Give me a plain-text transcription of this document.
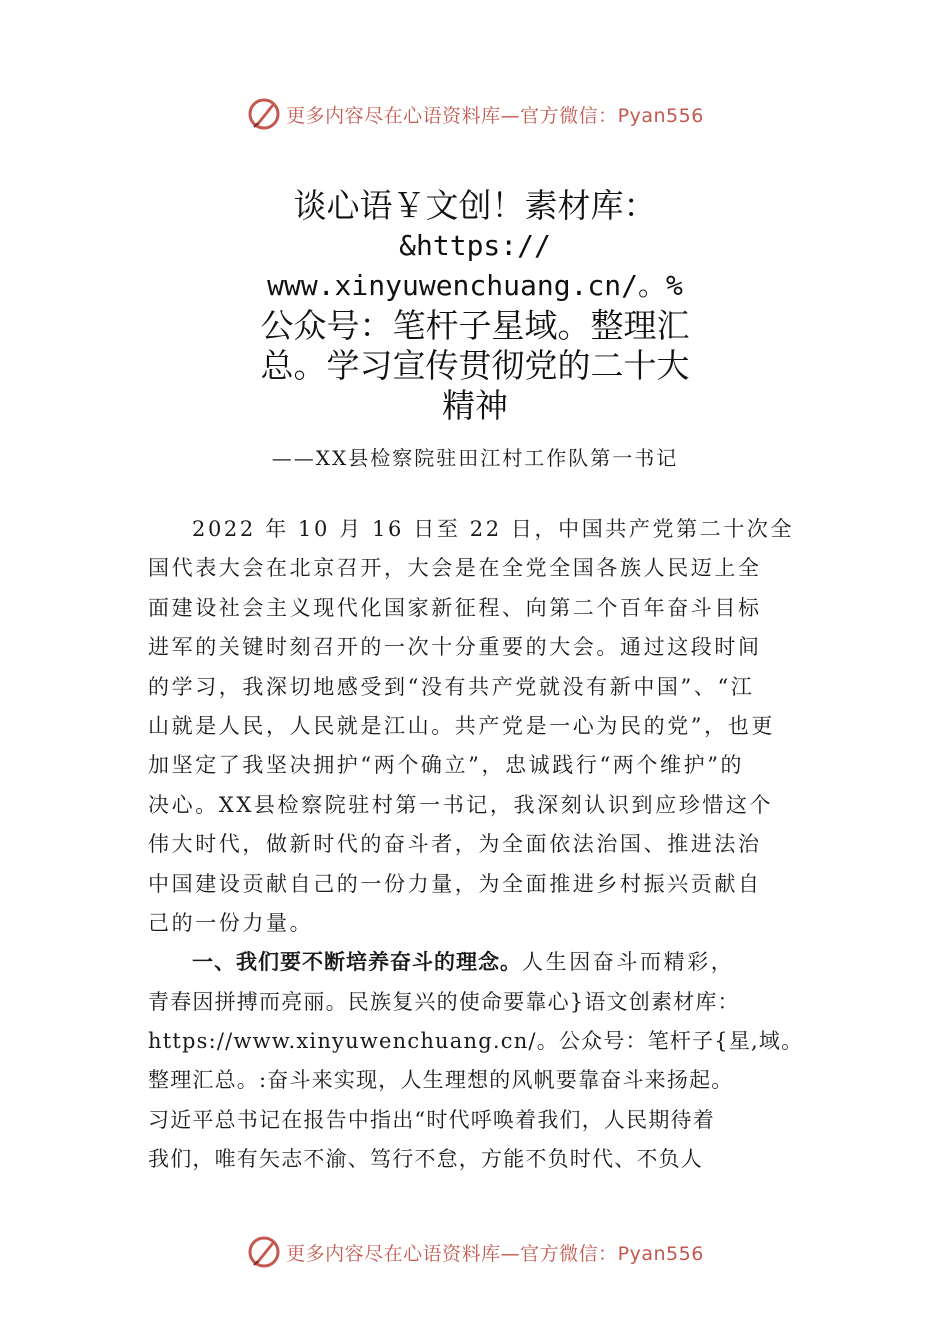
更多内容尽在心语资料库—官方微信：Pyan556
谈心语￥文创！素材库：
&https://
www.xinyuwenchuang.cn/。%
公众号：笔杆子星域。整理汇
总。学习宣传贯彻党的二十大
精神
——XX县检察院驻田江村工作队第一书记
2022 年 10 月 16 日至 22 日，中国共产党第二十次全
国代表大会在北京召开，大会是在全党全国各族人民迈上全
面建设社会主义现代化国家新征程、向第二个百年奋斗目标
进军的关键时刻召开的一次十分重要的大会。通过这段时间
的学习，我深切地感受到“没有共产党就没有新中国”、“江
山就是人民，人民就是江山。共产党是一心为民的党”，也更
加坚定了我坚决拥护“两个确立”，忠诚践行“两个维护”的
决心。XX县检察院驻村第一书记，我深刻认识到应珍惜这个
伟大时代，做新时代的奋斗者，为全面依法治国、推进法治
中国建设贡献自己的一份力量，为全面推进乡村振兴贡献自
己的一份力量。
一、我们要不断培养奋斗的理念。人生因奋斗而精彩，
青春因拼搏而亮丽。民族复兴的使命要靠心}语文创素材库：
https://www.xinyuwenchuang.cn/。公众号：笔杆子{星,域。
整理汇总。:奋斗来实现，人生理想的风帆要靠奋斗来扬起。
习近平总书记在报告中指出“时代呼唤着我们，人民期待着
我们，唯有矢志不渝、笃行不怠，方能不负时代、不负人
更多内容尽在心语资料库—官方微信：Pyan556
